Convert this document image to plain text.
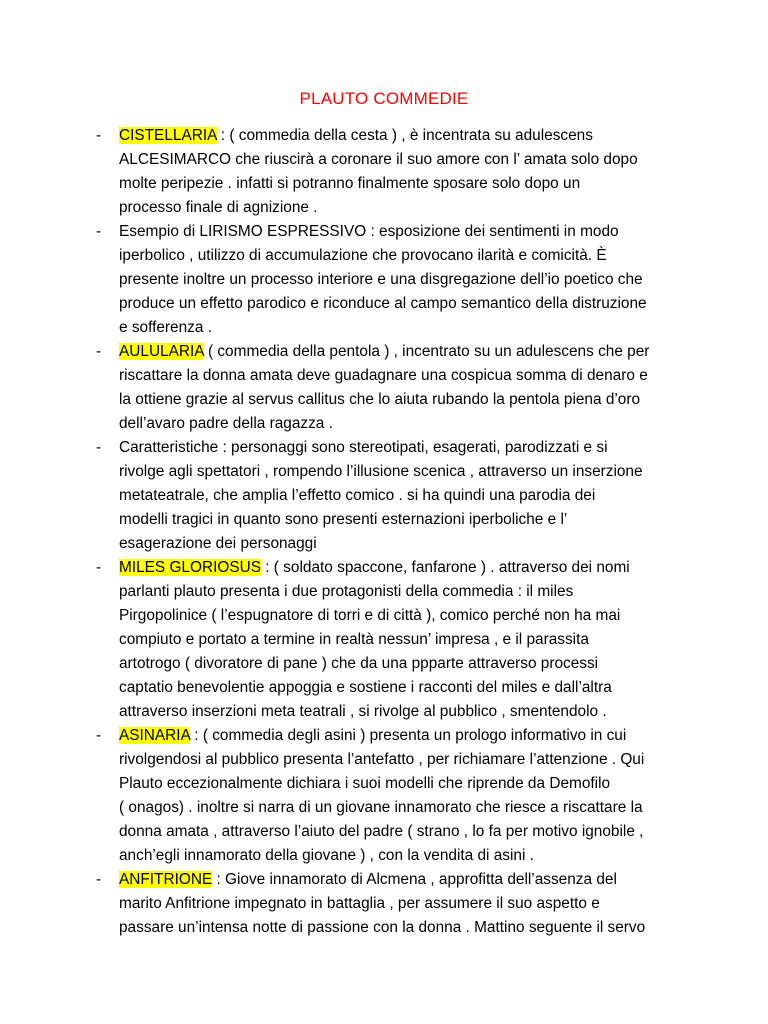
PLAUTO COMMEDIE
- CISTELLARIA : ( commedia della cesta ) , è incentrata su adulescens
ALCESIMARCO che riuscirà a coronare il suo amore con l’ amata solo dopo
molte peripezie . infatti si potranno finalmente sposare solo dopo un
processo finale di agnizione .
- Esempio di LIRISMO ESPRESSIVO : esposizione dei sentimenti in modo
iperbolico , utilizzo di accumulazione che provocano ilarità e comicità. È
presente inoltre un processo interiore e una disgregazione dell’io poetico che
produce un effetto parodico e riconduce al campo semantico della distruzione
e sofferenza .
- AULULARIA ( commedia della pentola ) , incentrato su un adulescens che per
riscattare la donna amata deve guadagnare una cospicua somma di denaro e
la ottiene grazie al servus callitus che lo aiuta rubando la pentola piena d’oro
dell’avaro padre della ragazza .
- Caratteristiche : personaggi sono stereotipati, esagerati, parodizzati e si
rivolge agli spettatori , rompendo l’illusione scenica , attraverso un inserzione
metateatrale, che amplia l’effetto comico . si ha quindi una parodia dei
modelli tragici in quanto sono presenti esternazioni iperboliche e l’
esagerazione dei personaggi
- MILES GLORIOSUS : ( soldato spaccone, fanfarone ) . attraverso dei nomi
parlanti plauto presenta i due protagonisti della commedia : il miles
Pirgopolinice ( l’espugnatore di torri e di città ), comico perché non ha mai
compiuto e portato a termine in realtà nessun’ impresa , e il parassita
artotrogo ( divoratore di pane ) che da una ppparte attraverso processi
captatio benevolentie appoggia e sostiene i racconti del miles e dall’altra
attraverso inserzioni meta teatrali , si rivolge al pubblico , smentendolo .
- ASINARIA : ( commedia degli asini ) presenta un prologo informativo in cui
rivolgendosi al pubblico presenta l’antefatto , per richiamare l’attenzione . Qui
Plauto eccezionalmente dichiara i suoi modelli che riprende da Demofilo
( onagos) . inoltre si narra di un giovane innamorato che riesce a riscattare la
donna amata , attraverso l’aiuto del padre ( strano , lo fa per motivo ignobile ,
anch’egli innamorato della giovane ) , con la vendita di asini .
- ANFITRIONE : Giove innamorato di Alcmena , approfitta dell’assenza del
marito Anfitrione impegnato in battaglia , per assumere il suo aspetto e
passare un’intensa notte di passione con la donna . Mattino seguente il servo
